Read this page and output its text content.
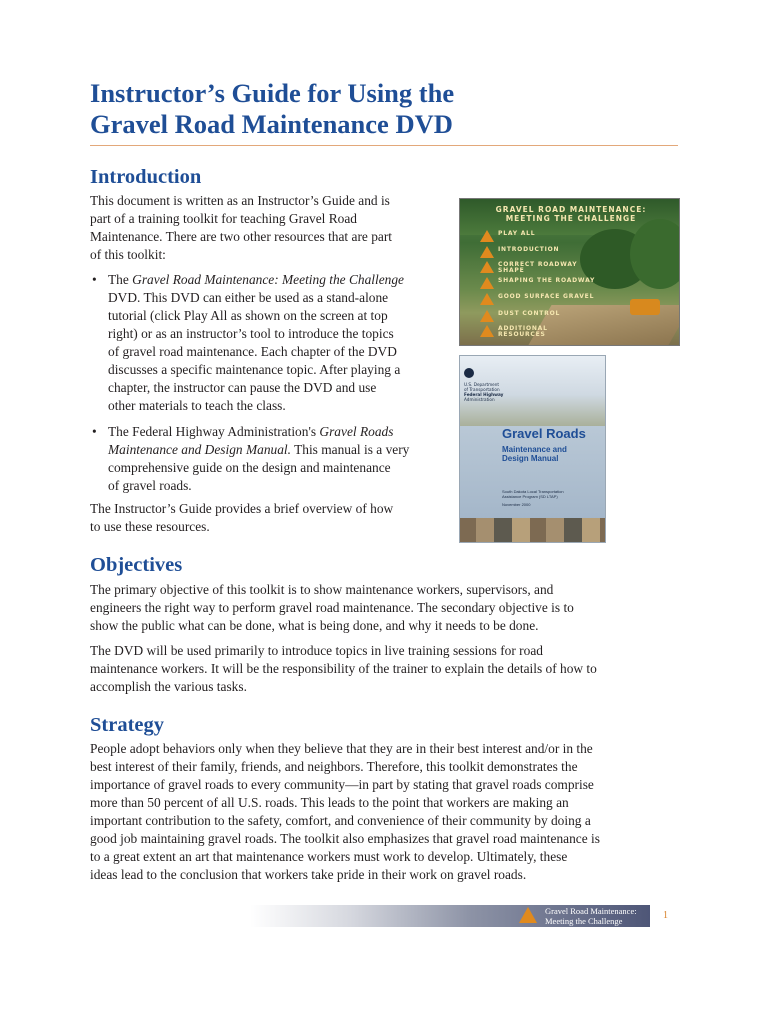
Instructor’s Guide for Using the
Gravel Road Maintenance DVD
Introduction

This document is written as an Instructor’s Guide and is
part of a training toolkit for teaching Gravel Road
Maintenance. There are two other resources that are part
of this toolkit:

• The Gravel Road Maintenance: Meeting the Challenge
DVD. This DVD can either be used as a stand-alone
tutorial (click Play All as shown on the screen at top
right) or as an instructor’s tool to introduce the topics
of gravel road maintenance. Each chapter of the DVD
discusses a specific maintenance topic. After playing a
chapter, the instructor can pause the DVD and use
other materials to teach the class.
• The Federal Highway Administration's Gravel Roads
Maintenance and Design Manual. This manual is a very
comprehensive guide on the design and maintenance
of gravel roads.

The Instructor’s Guide provides a brief overview of how
to use these resources.

GRAVEL ROAD MAINTENANCE:
MEETING THE CHALLENGE
PLAY ALL
INTRODUCTION
CORRECT ROADWAY SHAPE
SHAPING THE ROADWAY
GOOD SURFACE GRAVEL
DUST CONTROL
ADDITIONAL RESOURCES
U.S. Department
of Transportation
Federal Highway
Administration
Gravel Roads
Maintenance and
Design Manual
South Dakota Local Transportation
Assistance Program (SD LTAP)
November 2000
Objectives

The primary objective of this toolkit is to show maintenance workers, supervisors, and
engineers the right way to perform gravel road maintenance. The secondary objective is to
show the public what can be done, what is being done, and why it needs to be done.

The DVD will be used primarily to introduce topics in live training sessions for road
maintenance workers. It will be the responsibility of the trainer to explain the details of how to
accomplish the various tasks.

Strategy

People adopt behaviors only when they believe that they are in their best interest and/or in the
best interest of their family, friends, and neighbors. Therefore, this toolkit demonstrates the
importance of gravel roads to every community—in part by stating that gravel roads comprise
more than 50 percent of all U.S. roads. This leads to the point that workers are making an
important contribution to the safety, comfort, and convenience of their community by doing a
good job maintaining gravel roads. The toolkit also emphasizes that gravel road maintenance is
to a great extent an art that maintenance workers must work to develop. Ultimately, these
ideas lead to the conclusion that workers take pride in their work on gravel roads.

Gravel Road Maintenance:
Meeting the Challenge	1
